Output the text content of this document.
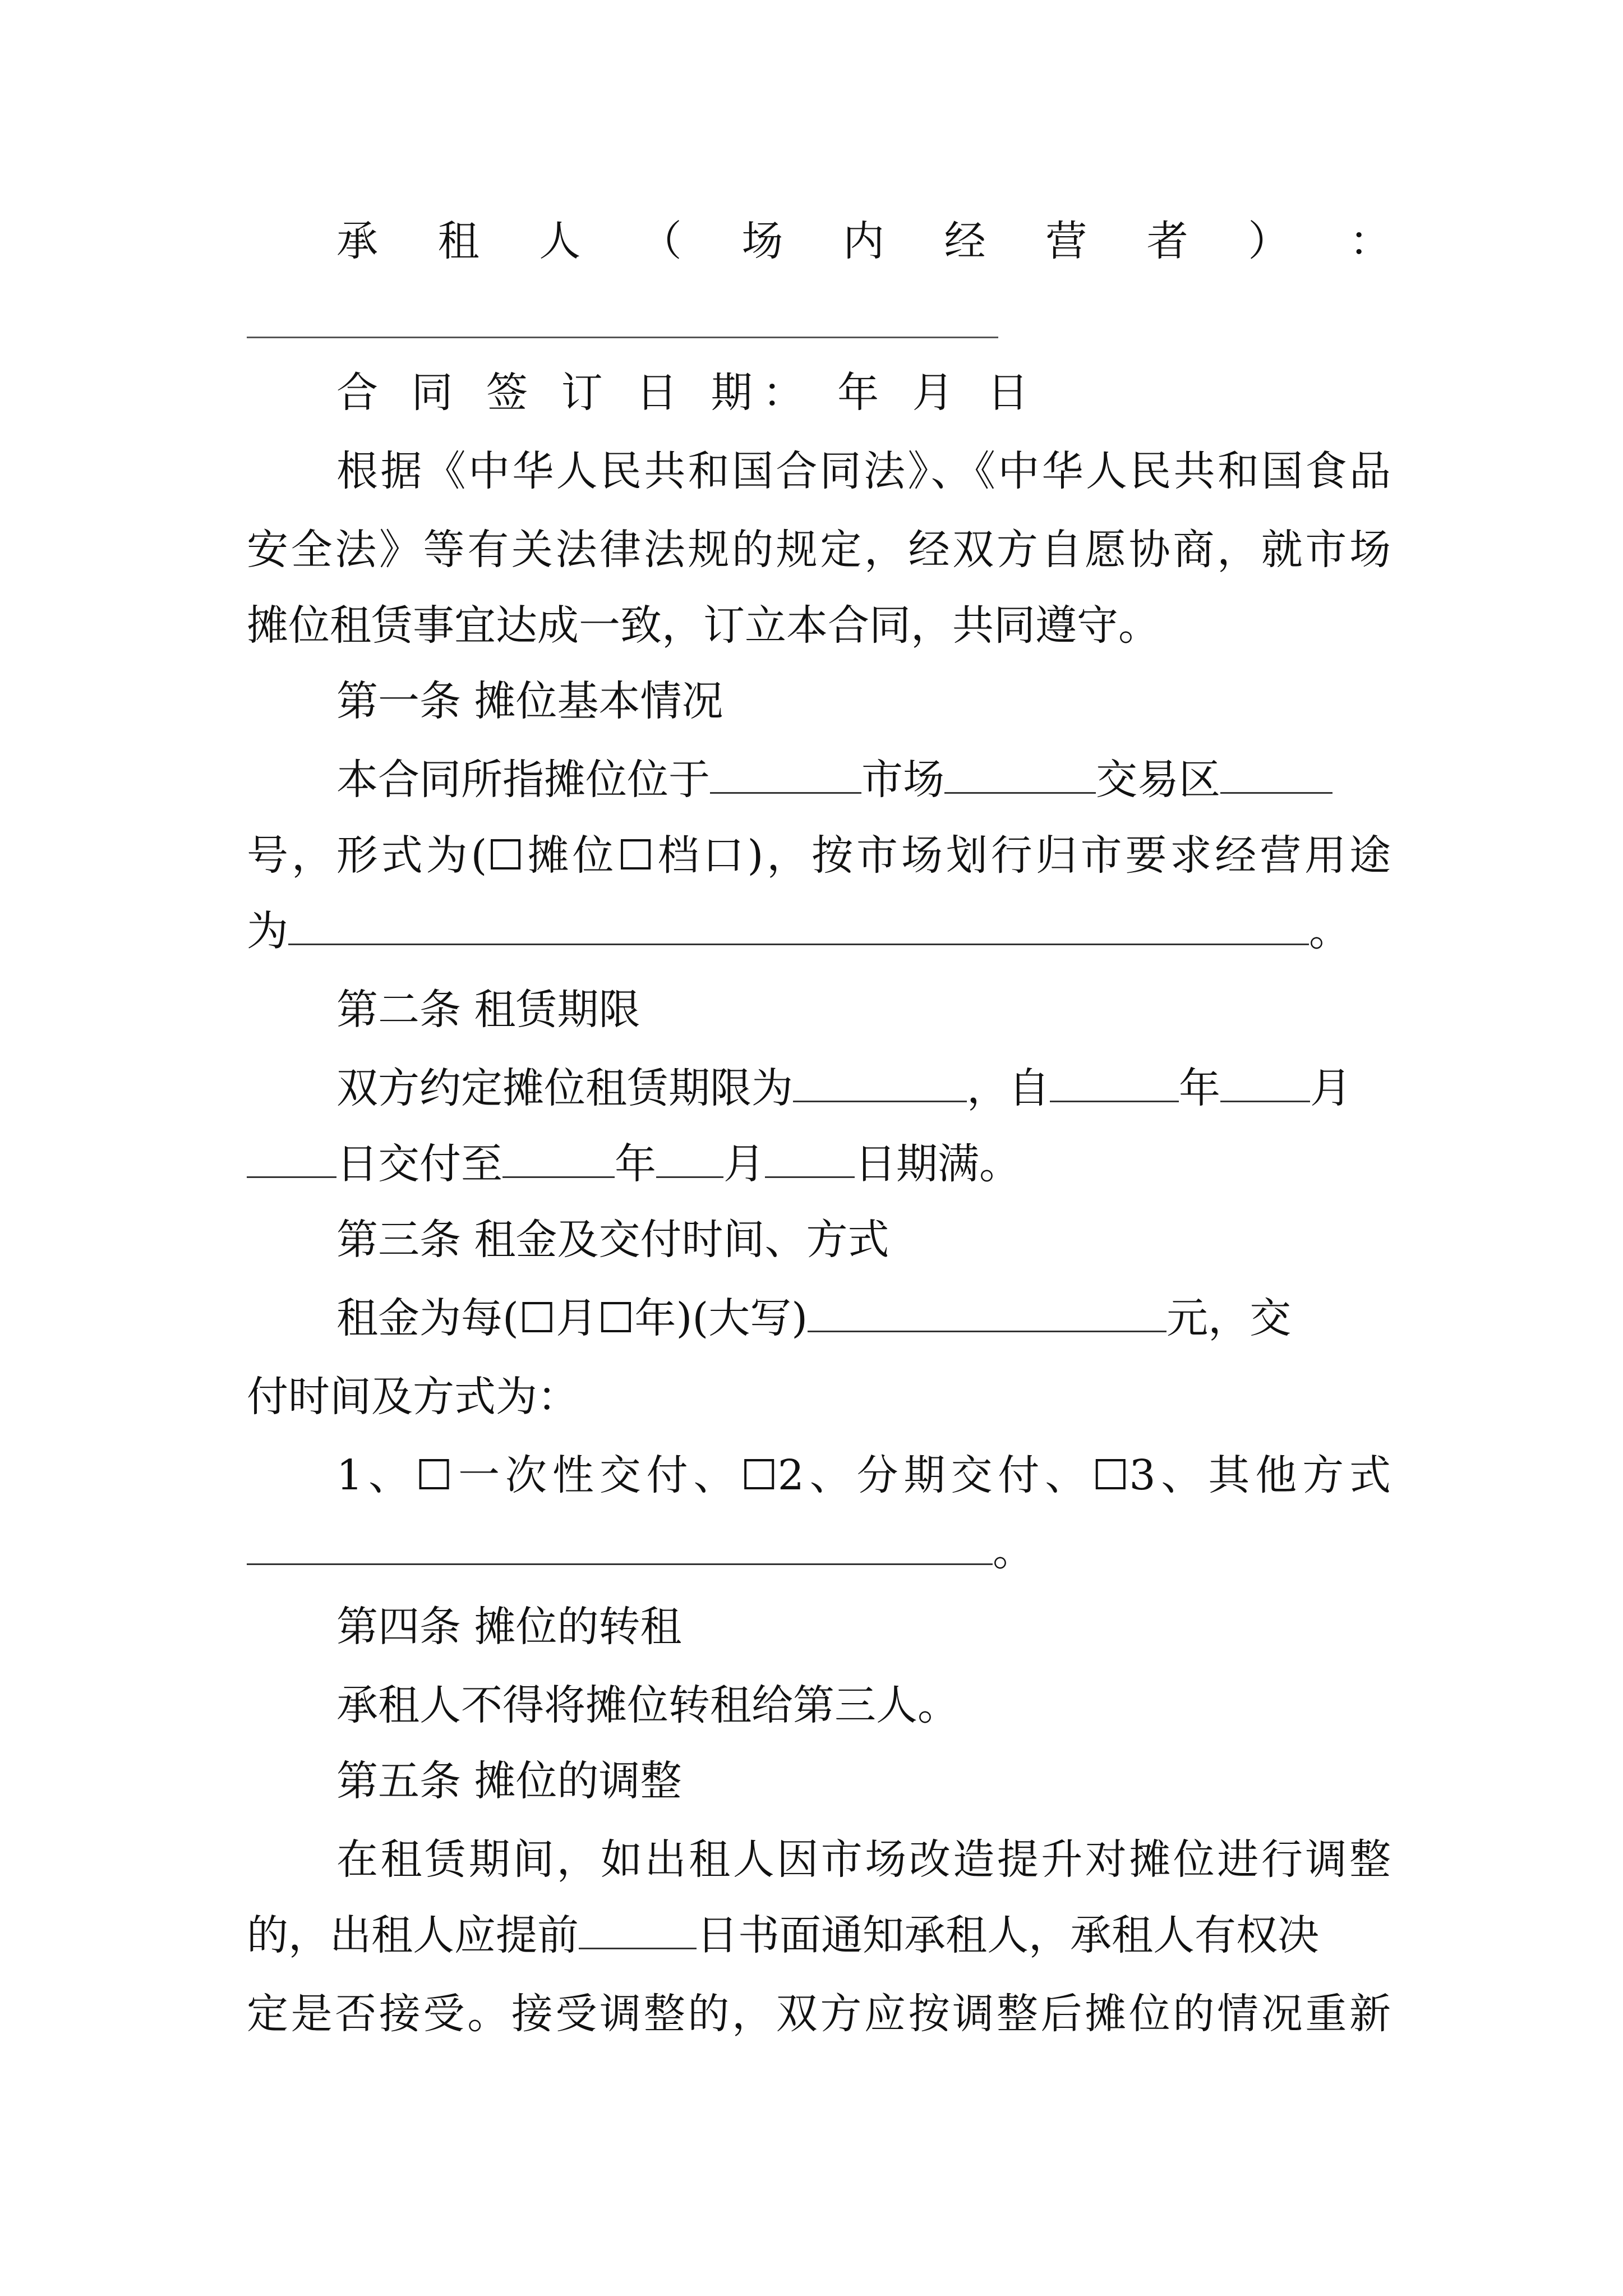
承 租 人 （ 场 内 经 营 者 ） ：
合 同 签 订 日 期： 年 月 日
根据《中华人民共和国合同法》、《中华人民共和国食品
安全法》等有关法律法规的规定，经双方自愿协商，就市场
摊位租赁事宜达成一致，订立本合同，共同遵守。
第一条 摊位基本情况
本合同所指摊位位于	市场	交易区
号，形式为(☐摊位☐档口)，按市场划行归市要求经营用途
为	。
第二条 租赁期限
双方约定摊位租赁期限为	，自	年 月
日交付至	年 月 日期满。
第三条 租金及交付时间、方式
租金为每(☐月☐年)(大写)	元，交
付时间及方式为：
1、☐一次性交付、☐2、分期交付、☐3、其他方式
。
第四条 摊位的转租
承租人不得将摊位转租给第三人。
第五条 摊位的调整
在租赁期间，如出租人因市场改造提升对摊位进行调整
的，出租人应提前	日书面通知承租人，承租人有权决
定是否接受。接受调整的，双方应按调整后摊位的情况重新
